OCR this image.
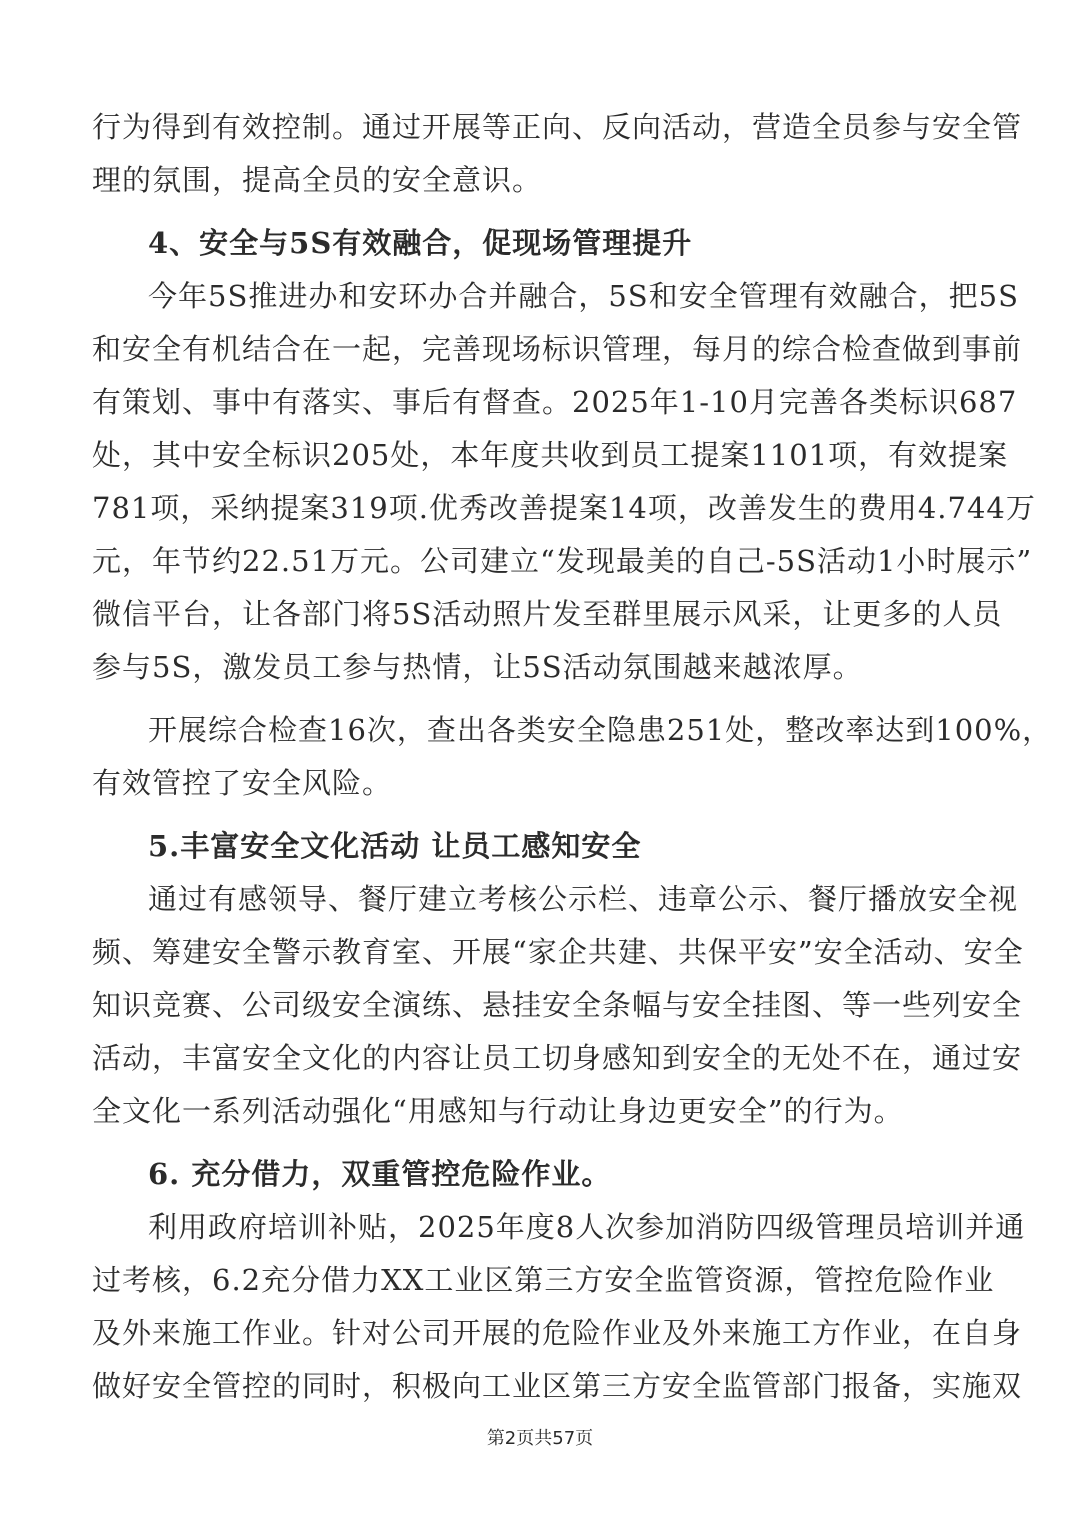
行为得到有效控制。通过开展等正向、反向活动，营造全员参与安全管
理的氛围，提高全员的安全意识。
4、安全与5S有效融合，促现场管理提升
今年5S推进办和安环办合并融合，5S和安全管理有效融合，把5S
和安全有机结合在一起，完善现场标识管理，每月的综合检查做到事前
有策划、事中有落实、事后有督查。2025年1-10月完善各类标识687
处，其中安全标识205处，本年度共收到员工提案1101项，有效提案
781项，采纳提案319项.优秀改善提案14项，改善发生的费用4.744万
元，年节约22.51万元。公司建立“发现最美的自己-5S活动1小时展示”
微信平台，让各部门将5S活动照片发至群里展示风采，让更多的人员
参与5S，激发员工参与热情，让5S活动氛围越来越浓厚。
开展综合检查16次，查出各类安全隐患251处，整改率达到100%，
有效管控了安全风险。
5.丰富安全文化活动 让员工感知安全
通过有感领导、餐厅建立考核公示栏、违章公示、餐厅播放安全视
频、筹建安全警示教育室、开展“家企共建、共保平安”安全活动、安全
知识竞赛、公司级安全演练、悬挂安全条幅与安全挂图、等一些列安全
活动，丰富安全文化的内容让员工切身感知到安全的无处不在，通过安
全文化一系列活动强化“用感知与行动让身边更安全”的行为。
6. 充分借力，双重管控危险作业。
利用政府培训补贴，2025年度8人次参加消防四级管理员培训并通
过考核，6.2充分借力XX工业区第三方安全监管资源，管控危险作业
及外来施工作业。针对公司开展的危险作业及外来施工方作业，在自身
做好安全管控的同时，积极向工业区第三方安全监管部门报备，实施双
第2页共57页
